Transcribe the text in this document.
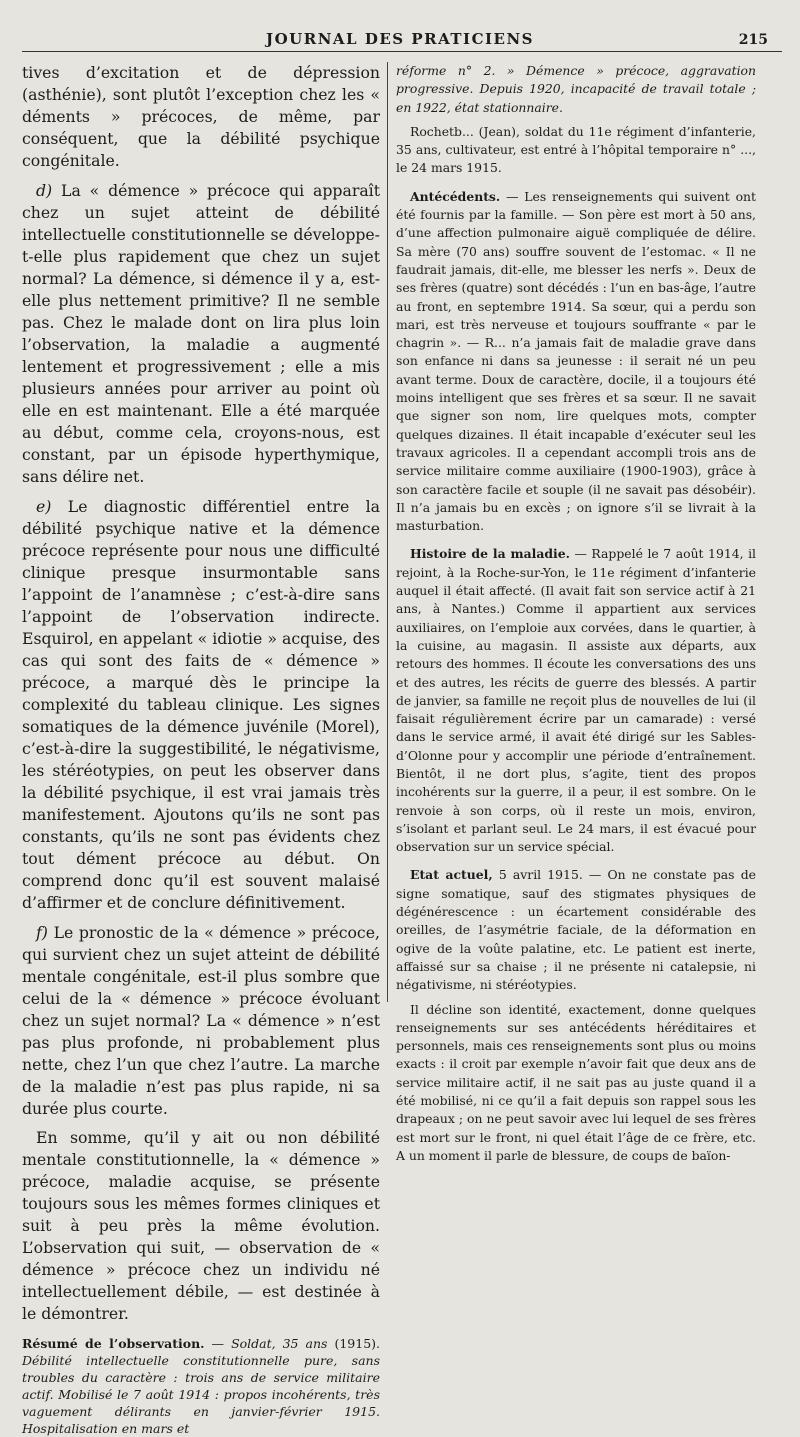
JOURNAL DES PRATICIENS	215

tives d’excitation et de dépression (asthénie), sont plutôt l’exception chez les « déments » précoces, de même, par conséquent, que la débilité psychique congénitale.

d) La « démence » précoce qui apparaît chez un sujet atteint de débilité intellectuelle constitutionnelle se développe-t-elle plus rapidement que chez un sujet normal? La démence, si démence il y a, est-elle plus nettement primitive? Il ne semble pas. Chez le malade dont on lira plus loin l’observation, la maladie a augmenté lentement et progressivement ; elle a mis plusieurs années pour arriver au point où elle en est maintenant. Elle a été marquée au début, comme cela, croyons-nous, est constant, par un épisode hyperthymique, sans délire net.

e) Le diagnostic différentiel entre la débilité psychique native et la démence précoce représente pour nous une difficulté clinique presque insurmontable sans l’appoint de l’anamnèse ; c’est-à-dire sans l’appoint de l’observation indirecte. Esquirol, en appelant « idiotie » acquise, des cas qui sont des faits de « démence » précoce, a marqué dès le principe la complexité du tableau clinique. Les signes somatiques de la démence juvénile (Morel), c’est-à-dire la suggestibilité, le négativisme, les stéréotypies, on peut les observer dans la débilité psychique, il est vrai jamais très manifestement. Ajoutons qu’ils ne sont pas constants, qu’ils ne sont pas évidents chez tout dément précoce au début. On comprend donc qu’il est souvent malaisé d’affirmer et de conclure définitivement.

f) Le pronostic de la « démence » précoce, qui survient chez un sujet atteint de débilité mentale congénitale, est-il plus sombre que celui de la « démence » précoce évoluant chez un sujet normal? La « démence » n’est pas plus profonde, ni probablement plus nette, chez l’un que chez l’autre. La marche de la maladie n’est pas plus rapide, ni sa durée plus courte.

En somme, qu’il y ait ou non débilité mentale constitutionnelle, la « démence » précoce, maladie acquise, se présente toujours sous les mêmes formes cliniques et suit à peu près la même évolution. L’observation qui suit, — observation de « démence » précoce chez un individu né intellectuellement débile, — est destinée à le démontrer.

Résumé de l’observation. — Soldat, 35 ans (1915). Débilité intellectuelle constitutionnelle pure, sans troubles du caractère : trois ans de service militaire actif. Mobilisé le 7 août 1914 : propos incohérents, très vaguement délirants en janvier-février 1915. Hospitalisation en mars et

réforme n° 2. » Démence » précoce, aggravation progressive. Depuis 1920, incapacité de travail totale ; en 1922, état stationnaire.

Rochetb... (Jean), soldat du 11e régiment d’infanterie, 35 ans, cultivateur, est entré à l’hôpital temporaire n° ..., le 24 mars 1915.

Antécédents. — Les renseignements qui suivent ont été fournis par la famille. — Son père est mort à 50 ans, d’une affection pulmonaire aiguë compliquée de délire. Sa mère (70 ans) souffre souvent de l’estomac. « Il ne faudrait jamais, dit-elle, me blesser les nerfs ». Deux de ses frères (quatre) sont décédés : l’un en bas-âge, l’autre au front, en septembre 1914. Sa sœur, qui a perdu son mari, est très nerveuse et toujours souffrante « par le chagrin ». — R... n’a jamais fait de maladie grave dans son enfance ni dans sa jeunesse : il serait né un peu avant terme. Doux de caractère, docile, il a toujours été moins intelligent que ses frères et sa sœur. Il ne savait que signer son nom, lire quelques mots, compter quelques dizaines. Il était incapable d’exécuter seul les travaux agricoles. Il a cependant accompli trois ans de service militaire comme auxiliaire (1900-1903), grâce à son caractère facile et souple (il ne savait pas désobéir). Il n’a jamais bu en excès ; on ignore s’il se livrait à la masturbation.

Histoire de la maladie. — Rappelé le 7 août 1914, il rejoint, à la Roche-sur-Yon, le 11e régiment d’infanterie auquel il était affecté. (Il avait fait son service actif à 21 ans, à Nantes.) Comme il appartient aux services auxiliaires, on l’emploie aux corvées, dans le quartier, à la cuisine, au magasin. Il assiste aux départs, aux retours des hommes. Il écoute les conversations des uns et des autres, les récits de guerre des blessés. A partir de janvier, sa famille ne reçoit plus de nouvelles de lui (il faisait régulièrement écrire par un camarade) : versé dans le service armé, il avait été dirigé sur les Sables-d’Olonne pour y accomplir une période d’entraînement. Bientôt, il ne dort plus, s’agite, tient des propos incohérents sur la guerre, il a peur, il est sombre. On le renvoie à son corps, où il reste un mois, environ, s’isolant et parlant seul. Le 24 mars, il est évacué pour observation sur un service spécial.

Etat actuel, 5 avril 1915. — On ne constate pas de signe somatique, sauf des stigmates physiques de dégénérescence : un écartement considérable des oreilles, de l’asymétrie faciale, de la déformation en ogive de la voûte palatine, etc. Le patient est inerte, affaissé sur sa chaise ; il ne présente ni catalepsie, ni négativisme, ni stéréotypies.

Il décline son identité, exactement, donne quelques renseignements sur ses antécédents héréditaires et personnels, mais ces renseignements sont plus ou moins exacts : il croit par exemple n’avoir fait que deux ans de service militaire actif, il ne sait pas au juste quand il a été mobilisé, ni ce qu’il a fait depuis son rappel sous les drapeaux ; on ne peut savoir avec lui lequel de ses frères est mort sur le front, ni quel était l’âge de ce frère, etc. A un moment il parle de blessure, de coups de baïon-
